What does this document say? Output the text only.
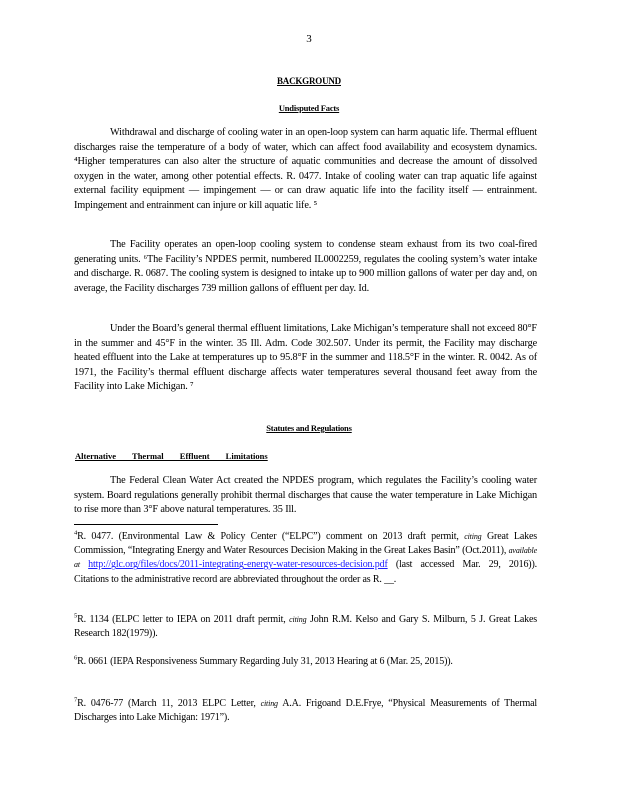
3
BACKGROUND
Undisputed Facts

Withdrawal and discharge of cooling water in an open-loop system can harm aquatic life. Thermal effluent discharges raise the temperature of a body of water, which can affect food availability and ecosystem dynamics. ⁴Higher temperatures can also alter the structure of aquatic communities and decrease the amount of dissolved oxygen in the water, among other potential effects. R. 0477. Intake of cooling water can trap aquatic life against external facility equipment — impingement — or can draw aquatic life into the facility itself — entrainment. Impingement and entrainment can injure or kill aquatic life. ⁵

The Facility operates an open-loop cooling system to condense steam exhaust from its two coal-fired generating units. ⁶The Facility’s NPDES permit, numbered IL0002259, regulates the cooling system’s water intake and discharge. R. 0687. The cooling system is designed to intake up to 900 million gallons of water per day and, on average, the Facility discharges 739 million gallons of effluent per day. Id.

Under the Board’s general thermal effluent limitations, Lake Michigan’s temperature shall not exceed 80°F in the summer and 45°F in the winter. 35 Ill. Adm. Code 302.507. Under its permit, the Facility may discharge heated effluent into the Lake at temperatures up to 95.8°F in the summer and 118.5°F in the winter. R. 0042. As of 1971, the Facility’s thermal effluent discharge affects water temperatures several thousand feet away from the Facility into Lake Michigan. ⁷

Statutes and Regulations
Alternative Thermal Effluent Limitations

The Federal Clean Water Act created the NPDES program, which regulates the Facility’s cooling water system. Board regulations generally prohibit thermal discharges that cause the water temperature in Lake Michigan to rise more than 3°F above natural temperatures. 35 Ill.

$^4$R. 0477. (Environmental Law & Policy Center (“ELPC”) comment on 2013 draft permit, citing Great Lakes Commission, “Integrating Energy and Water Resources Decision Making in the Great Lakes Basin” (Oct.2011), available at http://glc.org/files/docs/2011-integrating-energy-water-resources-decision.pdf (last accessed Mar. 29, 2016)). Citations to the administrative record are abbreviated throughout the order as R. __.

$^5$R. 1134 (ELPC letter to IEPA on 2011 draft permit, citing John R.M. Kelso and Gary S. Milburn, 5 J. Great Lakes Research 182(1979)).

$^6$R. 0661 (IEPA Responsiveness Summary Regarding July 31, 2013 Hearing at 6 (Mar. 25, 2015)).

$^7$R. 0476-77 (March 11, 2013 ELPC Letter, citing A.A. Frigoand D.E.Frye, “Physical Measurements of Thermal Discharges into Lake Michigan: 1971”).
